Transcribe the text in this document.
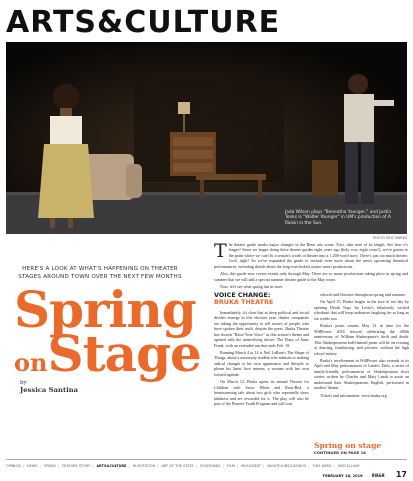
ARTS&CULTURE
Jada Wilson plays "Beneatha Younger," and Justin Tonks is "Walter Younger" in UM's production of A Raisin in the Sun.
PHOTO ERIC MARKS
HERE'S A LOOK AT WHAT'S HAPPENING ON THEATER STAGES AROUND TOWN OVER THE NEXT FEW MONTHS
Spring
onStage
by
Jessica Santina
T he theater guide marks major changes in the Reno arts scene. First, take note of its length. See how it's longer? Since we began doing these theater guides eight years ago (holy cow, eight years!), we've gotten to the point where we can't fit a season's worth of theater into a 1,200-word story. There's just too much theater. Cool, right? So we've expanded the guide to include even more about the area's upcoming theatrical performances, including details about the long-overlooked casino-resort productions.

Also, this guide now covers events only through May. There are so many productions taking place in spring and summer that we will add a special summer theater guide to the May roster.

Now, let's see what spring has in store.

VOICE CHANGE:
BRUKA THEATRE

Immediately, it's clear that as deep political and social divides emerge in this election year, theater companies are taking the opportunity to tell stories of people who have spoken their truth, despite the press. Bruka Theatre has chosen "Raise Your Voice" as this season's theme and opened with the uninvolving shows: The Diary of Anne Frank, with an extended run that ends Feb. 19.

Running March 4 to 14 is Neil LaBute's The Shape of Things, about a university student who submits to making radical changes to his own appearance and lifestyle to please his latest love interest, a woman with her own twisted agenda.

On March 12, Bruka opens its annual Theater for Children with Snow White and Rose-Red, a heartwarming tale about two girls who repeatedly show kindness and are rewarded for it. The play will also be part of the Pioneer Youth Program and will tour

schools and libraries throughout spring and summer.

On April 15, Bruka laughs in the face of tax day by opening Death Trap, Ira Levin's hilariously wicked whodunit that will keep audiences laughing for as long as six weeks run.

Bruka's poem returns May 21 in time for the WillPower 2016 festival celebrating the 400th anniversary of William Shakespeare's birth and death. This Shakespearean ball-themed prom will be an evening of dancing, fundraising, and pictures, without the high school misery.

Bruka's involvement in WillPower also extends to its April and May performances of Lamb's Tales, a series of family-friendly performances of Shakespearean short stories written by Charles and Mary Lamb to assist an understand their Shakespearean English, performed in readers' theater.

Tickets and information: www.bruka.org

Spring on stage
CONTINUED ON PAGE 18
OPINION | NEWS | GREEN | FEATURE STORY | ARTS&CULTURE | IN ROTATION | ART OF THE STATE | FOODFINDS | FILM | MUSICBEAT | NIGHTCLUBS/CASINOS | THIS WEEK | MISCELLANY
FEBRUARY 18, 2016 RN&R 17
